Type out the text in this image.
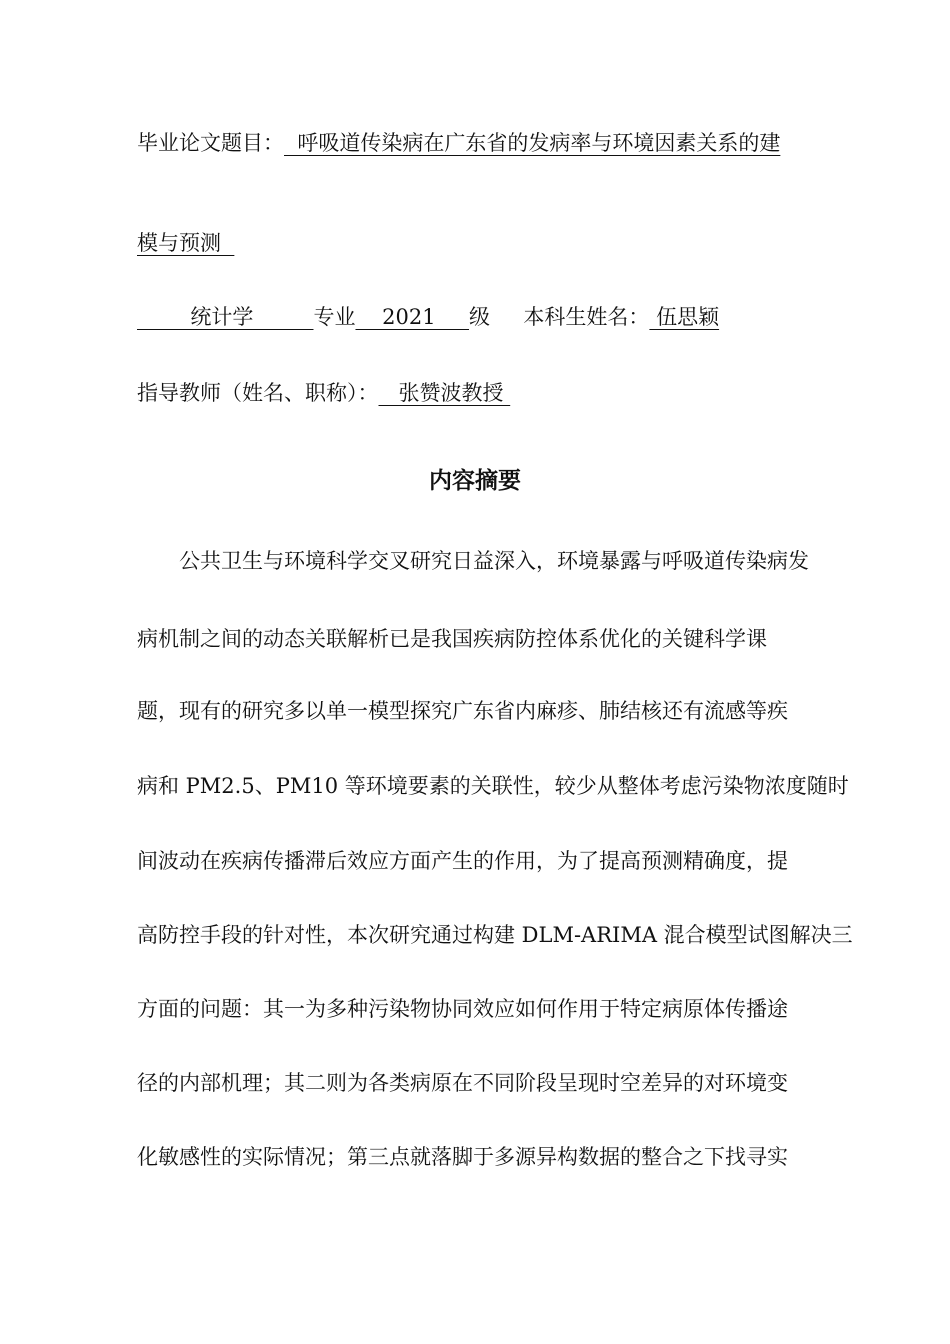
毕业论文题目：  呼吸道传染病在广东省的发病率与环境因素关系的建
模与预测
统计学         专业    2021     级 本科生姓名： 伍思颖
指导教师（姓名、职称）：   张赞波教授
内容摘要
　　公共卫生与环境科学交叉研究日益深入，环境暴露与呼吸道传染病发
病机制之间的动态关联解析已是我国疾病防控体系优化的关键科学课
题，现有的研究多以单一模型探究广东省内麻疹、肺结核还有流感等疾
病和 PM2.5、PM10 等环境要素的关联性，较少从整体考虑污染物浓度随时
间波动在疾病传播滞后效应方面产生的作用，为了提高预测精确度，提
高防控手段的针对性，本次研究通过构建 DLM-ARIMA 混合模型试图解决三
方面的问题：其一为多种污染物协同效应如何作用于特定病原体传播途
径的内部机理；其二则为各类病原在不同阶段呈现时空差异的对环境变
化敏感性的实际情况；第三点就落脚于多源异构数据的整合之下找寻实
